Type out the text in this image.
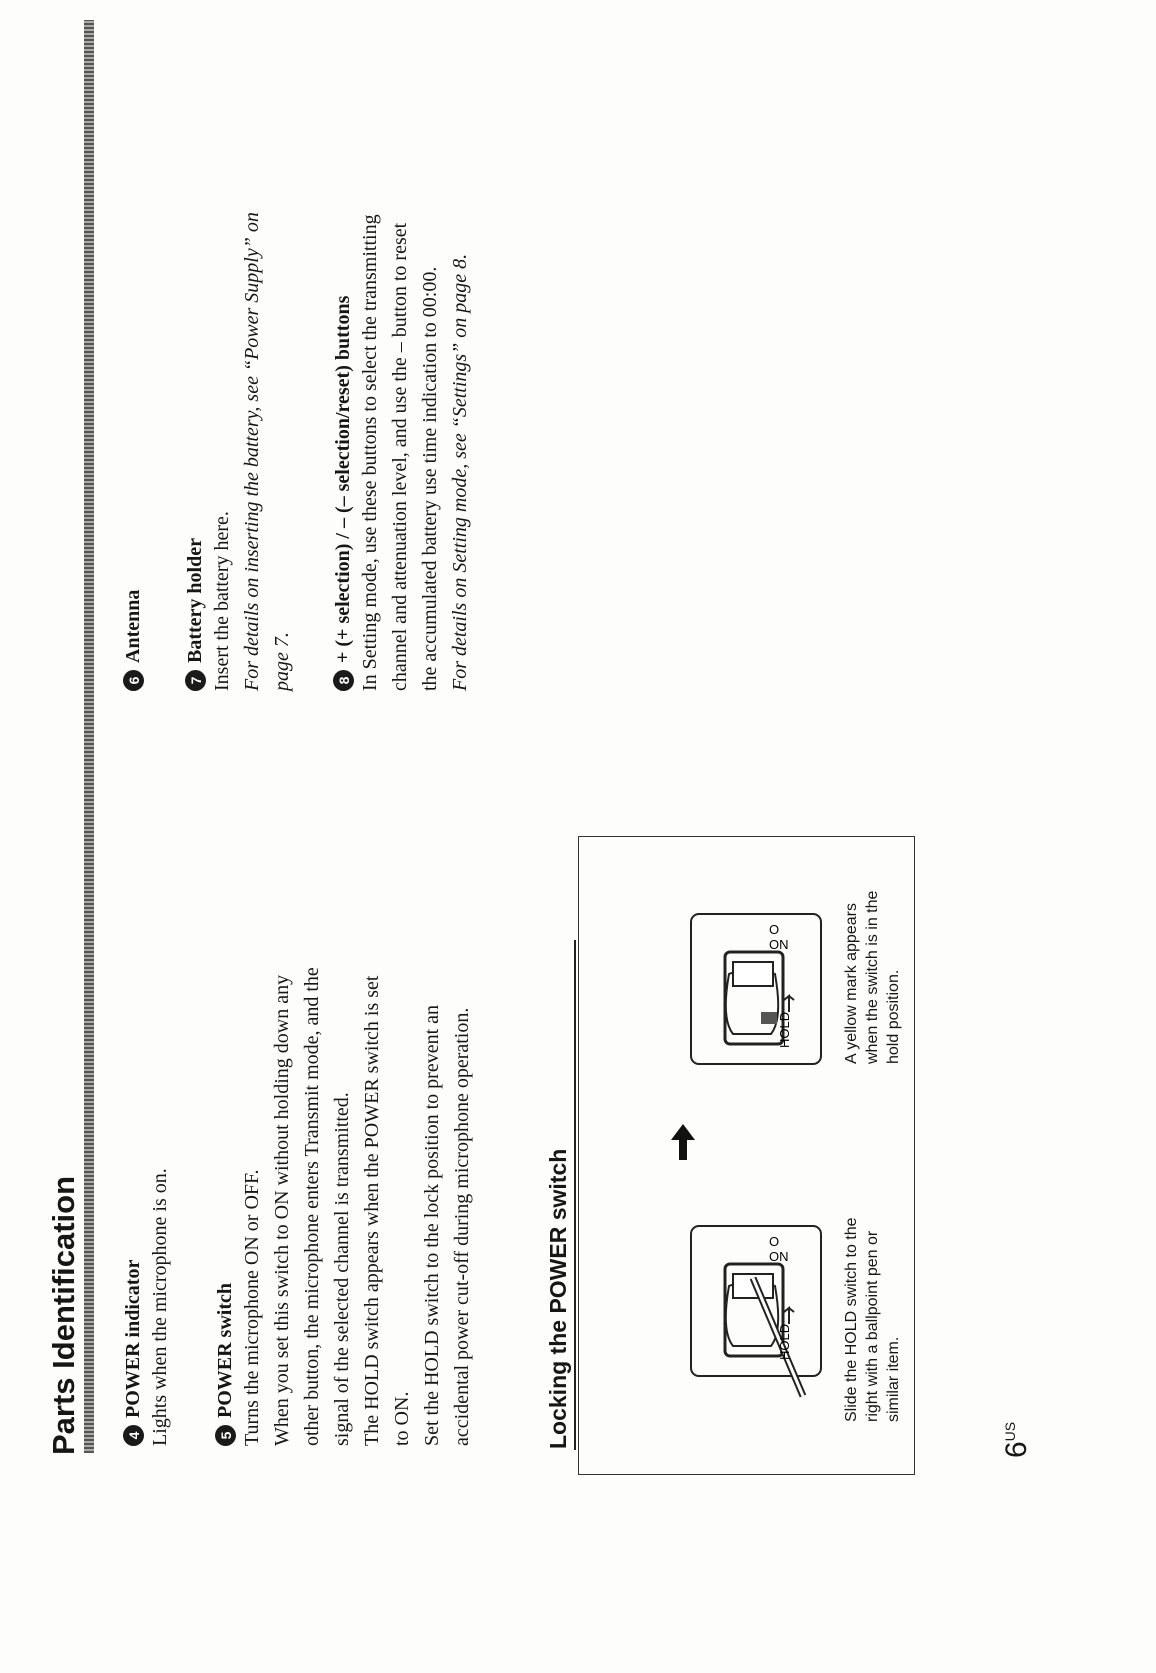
Parts Identification	4
POWER indicator Lights when the microphone is on.	5
POWER switch Turns the microphone ON or OFF. When you set this switch to ON without holding down any other button, the microphone enters Transmit mode, and the signal of the selected channel is transmitted. The HOLD switch appears when the POWER switch is set to ON. Set the HOLD switch to the lock position to prevent an accidental power cut-off during microphone operation.

6
Antenna
7
Battery holder Insert the battery here. For details on inserting the battery, see “Power Supply” on page 7.	8
+ (+ selection) / – (– selection/reset) buttons In Setting mode, use these buttons to select the transmitting channel and attenuation level, and use the – button to reset the accumulated battery use time indication to 00:00. For details on Setting mode, see “Settings” on page 8.

Locking the POWER switch	ON
O
HOLD
ON
O
HOLD
Slide the HOLD switch to the right with a ballpoint pen or similar item.
A yellow mark appears when the switch is in the hold position.
$6^{US}$
